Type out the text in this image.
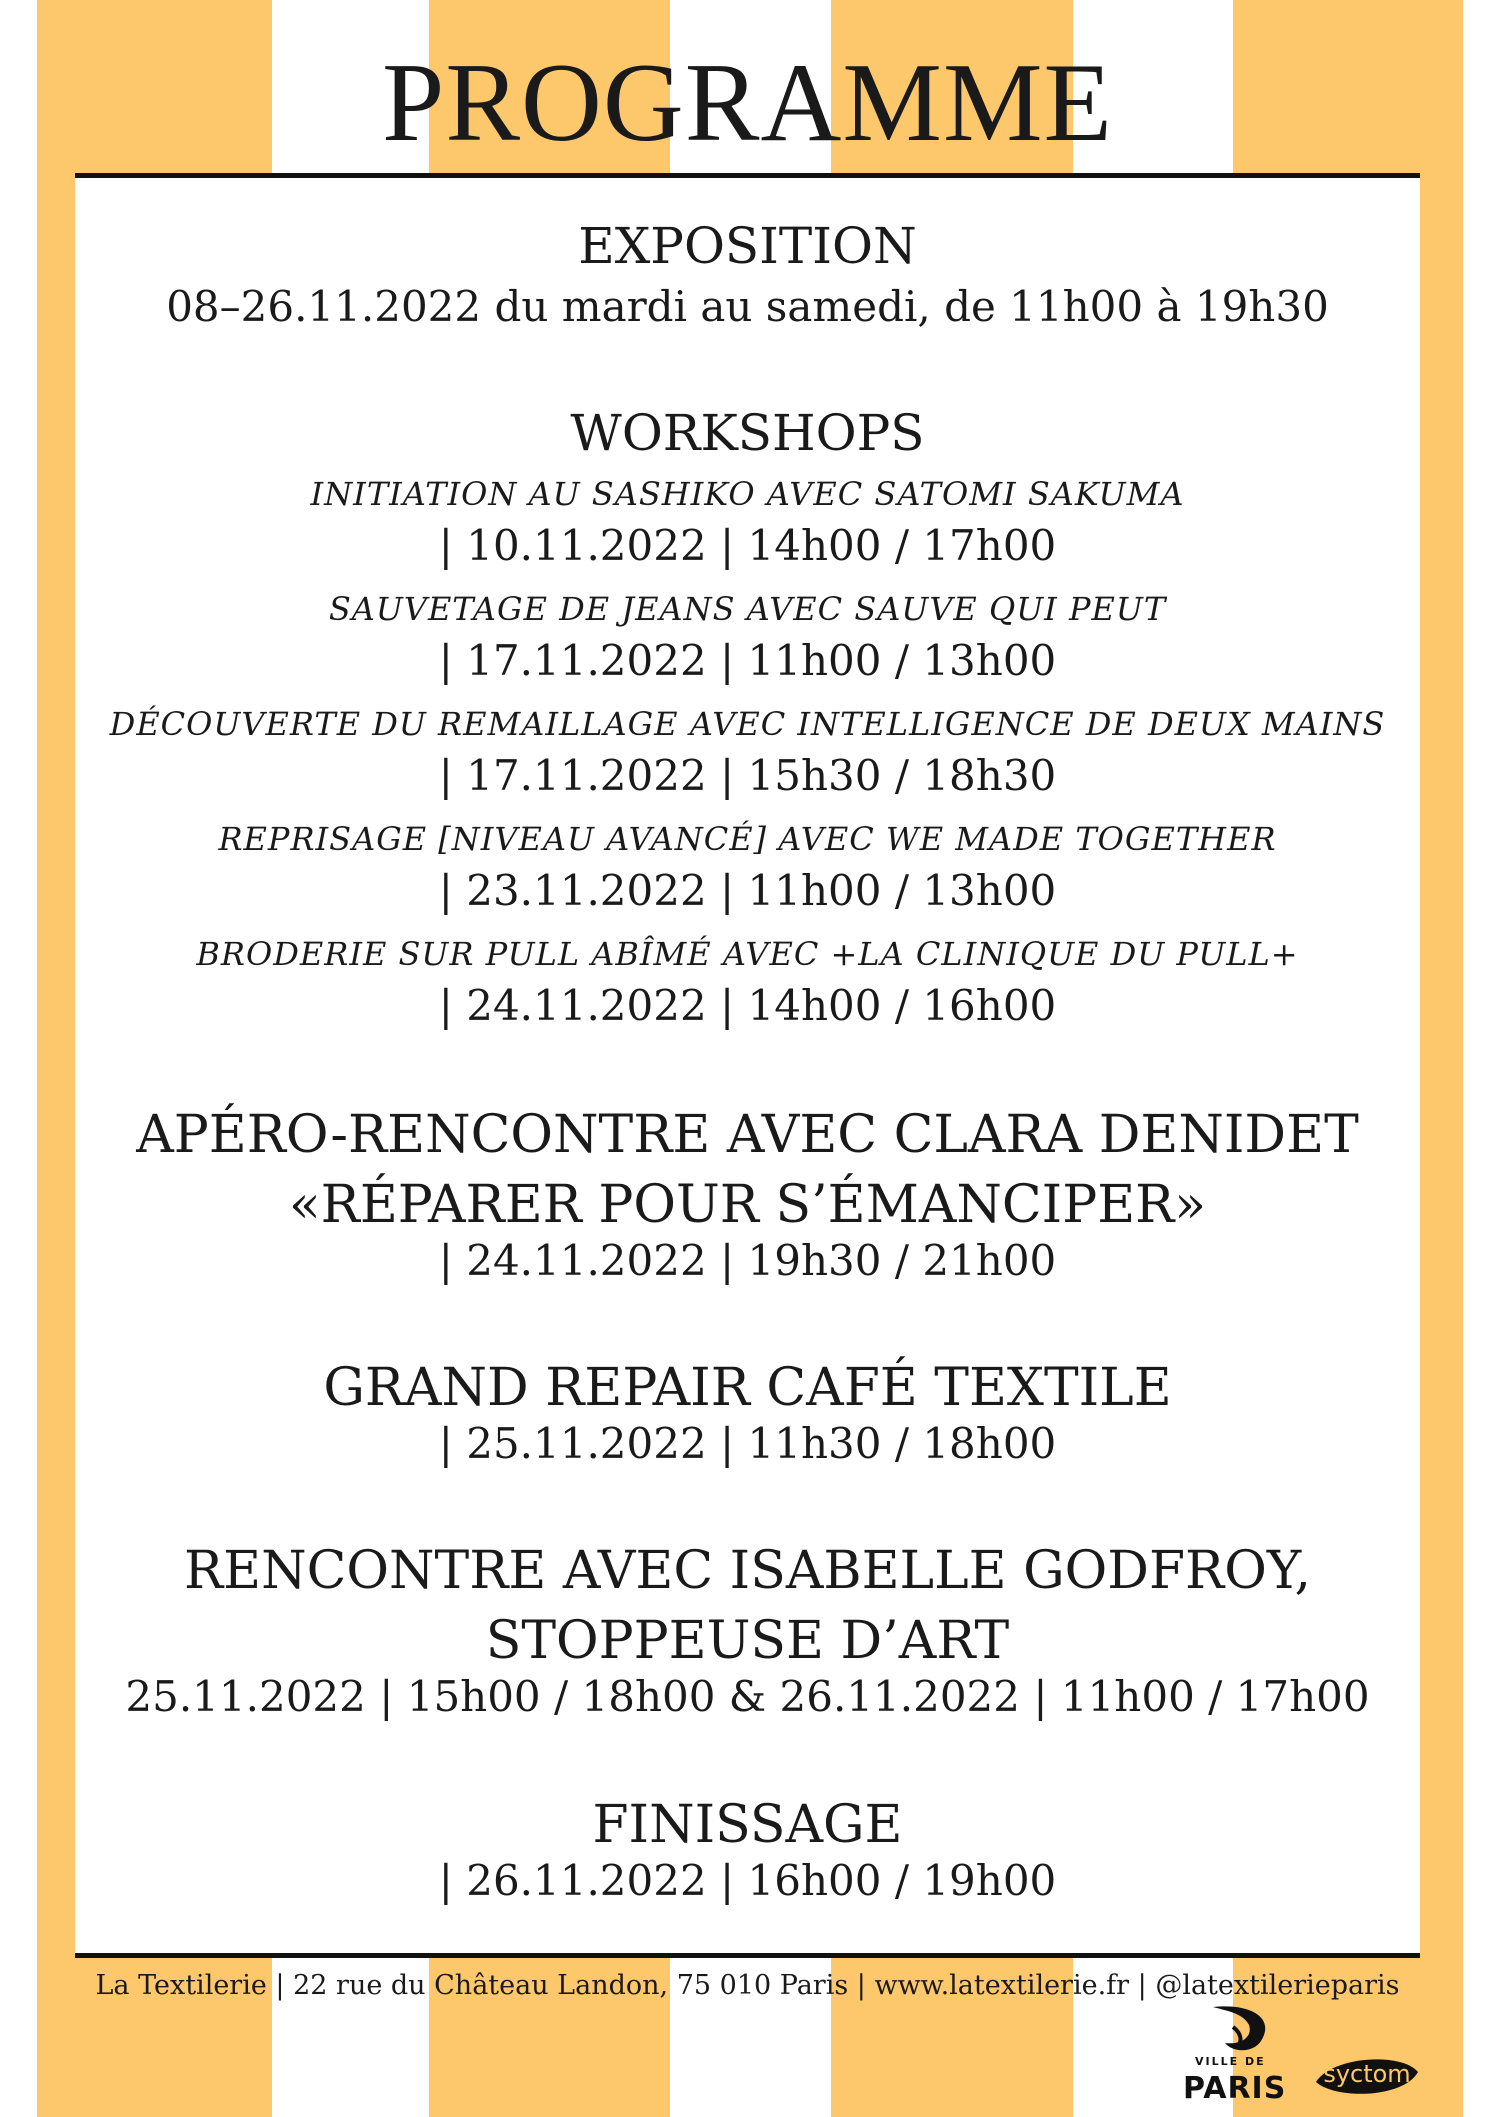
PROGRAMME
EXPOSITION
08–26.11.2022 du mardi au samedi, de 11h00 à 19h30
WORKSHOPS
INITIATION AU SASHIKO AVEC SATOMI SAKUMA
| 10.11.2022 | 14h00 / 17h00
SAUVETAGE DE JEANS AVEC SAUVE QUI PEUT
| 17.11.2022 | 11h00 / 13h00
DÉCOUVERTE DU REMAILLAGE AVEC INTELLIGENCE DE DEUX MAINS
| 17.11.2022 | 15h30 / 18h30
REPRISAGE [NIVEAU AVANCÉ] AVEC WE MADE TOGETHER
| 23.11.2022 | 11h00 / 13h00
BRODERIE SUR PULL ABÎMÉ AVEC +LA CLINIQUE DU PULL+
| 24.11.2022 | 14h00 / 16h00
APÉRO-RENCONTRE AVEC CLARA DENIDET
«RÉPARER POUR S’ÉMANCIPER»
| 24.11.2022 | 19h30 / 21h00
GRAND REPAIR CAFÉ TEXTILE
| 25.11.2022 | 11h30 / 18h00
RENCONTRE AVEC ISABELLE GODFROY,
STOPPEUSE D’ART
25.11.2022 | 15h00 / 18h00 & 26.11.2022 | 11h00 / 17h00
FINISSAGE
| 26.11.2022 | 16h00 / 19h00
La Textilerie | 22 rue du Château Landon, 75 010 Paris | www.latextilerie.fr | @latextilerieparis
VILLE DE
PARIS	syctom
